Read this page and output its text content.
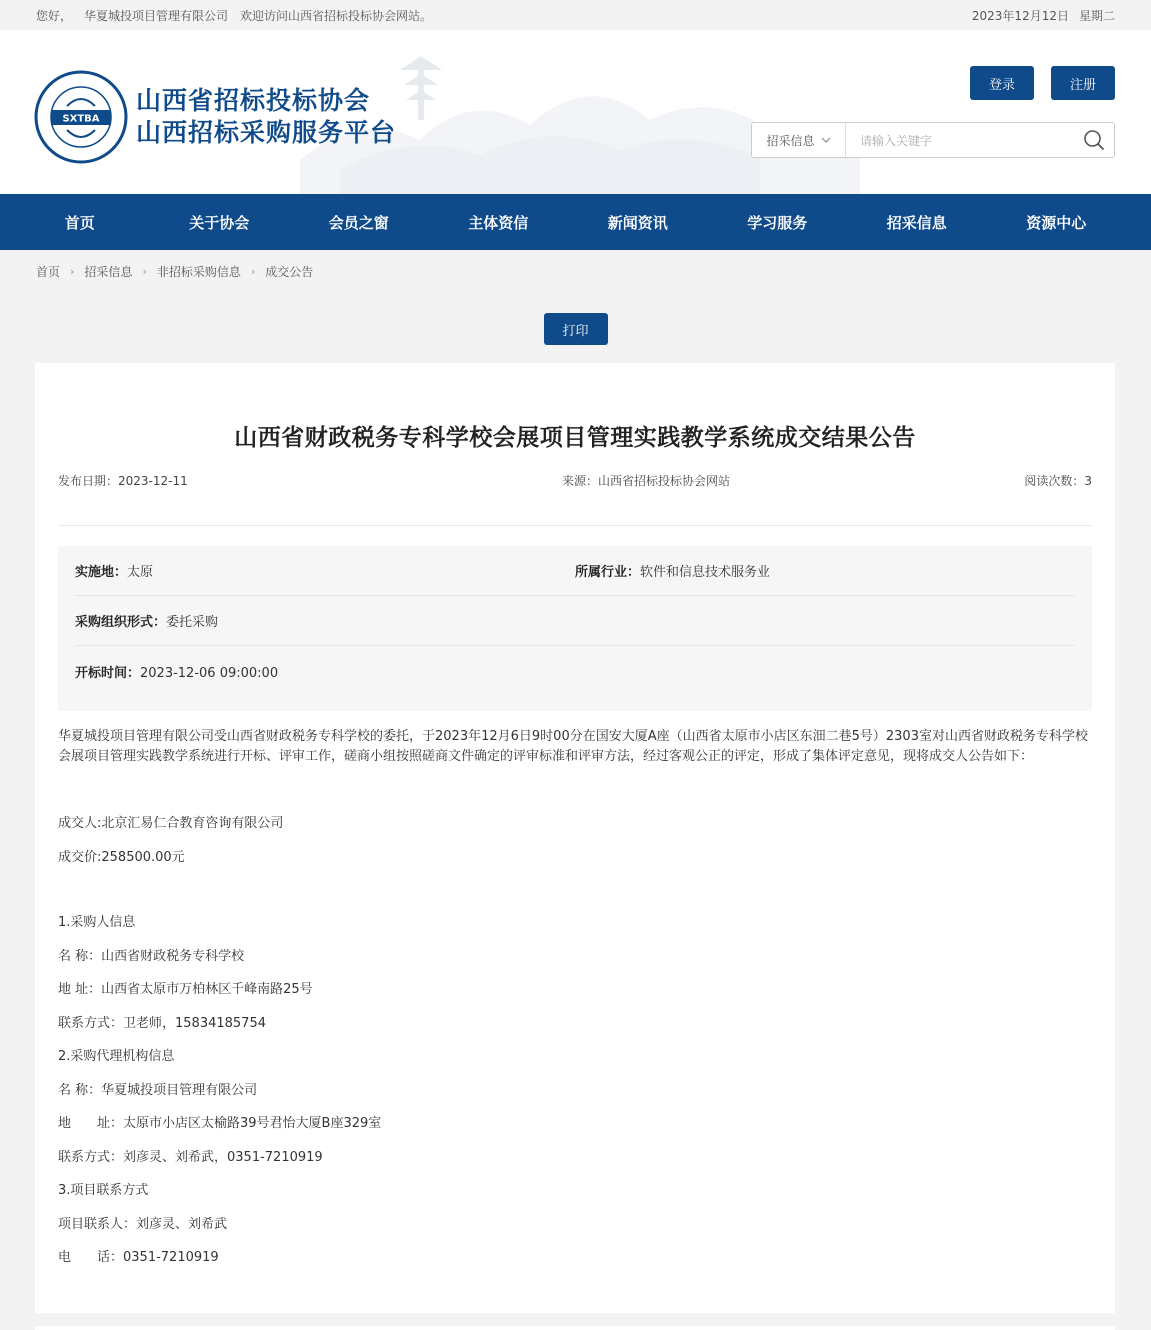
您好， 华夏城投项目管理有限公司 欢迎访问山西省招标投标协会网站。	2023年12月12日 星期二
SXTBA
山西省招标投标协会
山西招标采购服务平台
登录	注册
招采信息	请输入关键字
首页	关于协会	会员之窗	主体资信	新闻资讯	学习服务	招采信息	资源中心
首页 › 招采信息 › 非招标采购信息 › 成交公告
打印
山西省财政税务专科学校会展项目管理实践教学系统成交结果公告
发布日期：2023-12-11	来源：山西省招标投标协会网站	阅读次数：3
实施地：太原	所属行业：软件和信息技术服务业
采购组织形式：委托采购
开标时间：2023-12-06 09:00:00

华夏城投项目管理有限公司受山西省财政税务专科学校的委托，于2023年12月6日9时00分在国安大厦A座（山西省太原市小店区东沺二巷5号）2303室对山西省财政税务专科学校会展项目管理实践教学系统进行开标、评审工作，磋商小组按照磋商文件确定的评审标准和评审方法，经过客观公正的评定，形成了集体评定意见，现将成交人公告如下：

成交人:北京汇易仁合教育咨询有限公司
成交价:258500.00元
1.采购人信息
名 称：山西省财政税务专科学校
地 址：山西省太原市万柏林区千峰南路25号
联系方式：卫老师，15834185754
2.采购代理机构信息
名 称：华夏城投项目管理有限公司
地　　址：太原市小店区太榆路39号君怡大厦B座329室
联系方式：刘彦灵、刘希武，0351-7210919
3.项目联系方式
项目联系人：刘彦灵、刘希武
电　　话：0351-7210919
